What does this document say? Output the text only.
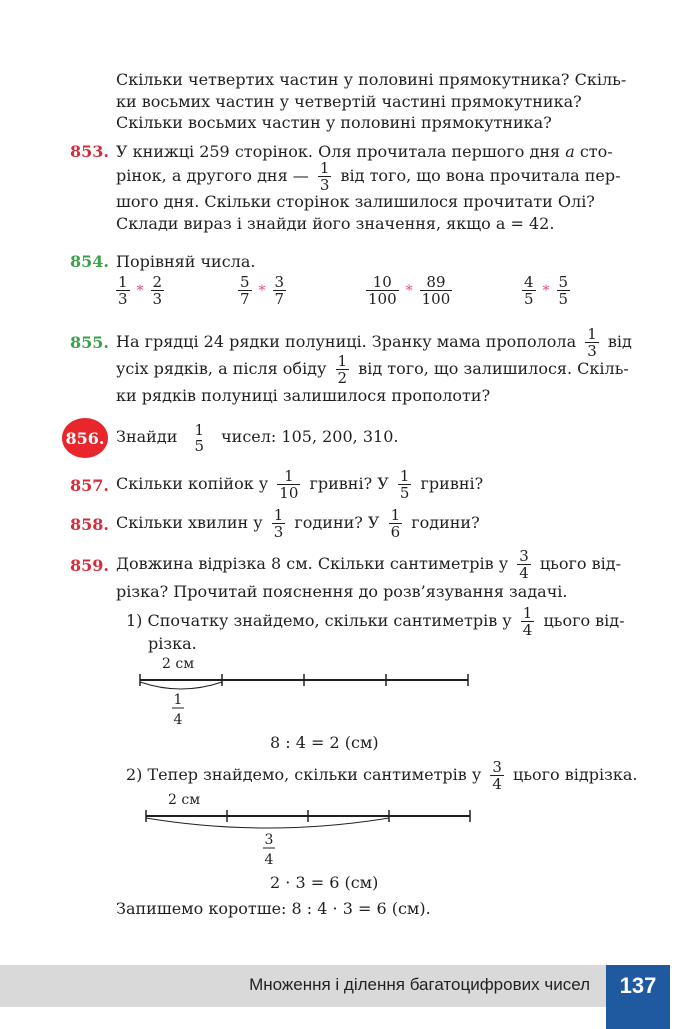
Скільки четвертих частин у половині прямокутника? Скіль-
ки восьмих частин у четвертій частині прямокутника?
Скільки восьмих частин у половині прямокутника?
853. У книжці 259 сторінок. Оля прочитала першого дня a сто-
рінок, а другого дня — $\frac{1}{3}$ від того, що вона прочитала пер-
шого дня. Скільки сторінок залишилося прочитати Олі?
Склади вираз і знайди його значення, якщо a = 42.
854. Порівняй числа.
$\frac{1}{3} * \frac{2}{3}$	$\frac{5}{7} * \frac{3}{7}$	$\frac{10}{100} * \frac{89}{100}$	$\frac{4}{5} * \frac{5}{5}$
855. На грядці 24 рядки полуниці. Зранку мама прополола $\frac{1}{3}$ від
усіх рядків, а після обіду $\frac{1}{2}$ від того, що залишилося. Скіль-
ки рядків полуниці залишилося прополоти?
856. Знайди 1
5 чисел: 105, 200, 310.
857. Скільки копійок у $\frac{1}{10}$ гривні? У $\frac{1}{5}$ гривні?
858. Скільки хвилин у $\frac{1}{3}$ години? У $\frac{1}{6}$ години?
859. Довжина відрізка 8 см. Скільки сантиметрів у $\frac{3}{4}$ цього від-
різка? Прочитай пояснення до розв’язування задачі.
1) Спочатку знайдемо, скільки сантиметрів у $\frac{1}{4}$ цього від-
різка.
2 см
1
4
8 : 4 = 2 (см)
2) Тепер знайдемо, скільки сантиметрів у $\frac{3}{4}$ цього відрізка.
2 см
3
4
2 · 3 = 6 (см)
Запишемо коротше: 8 : 4 · 3 = 6 (см).
Множення і ділення багатоцифрових чисел	137
